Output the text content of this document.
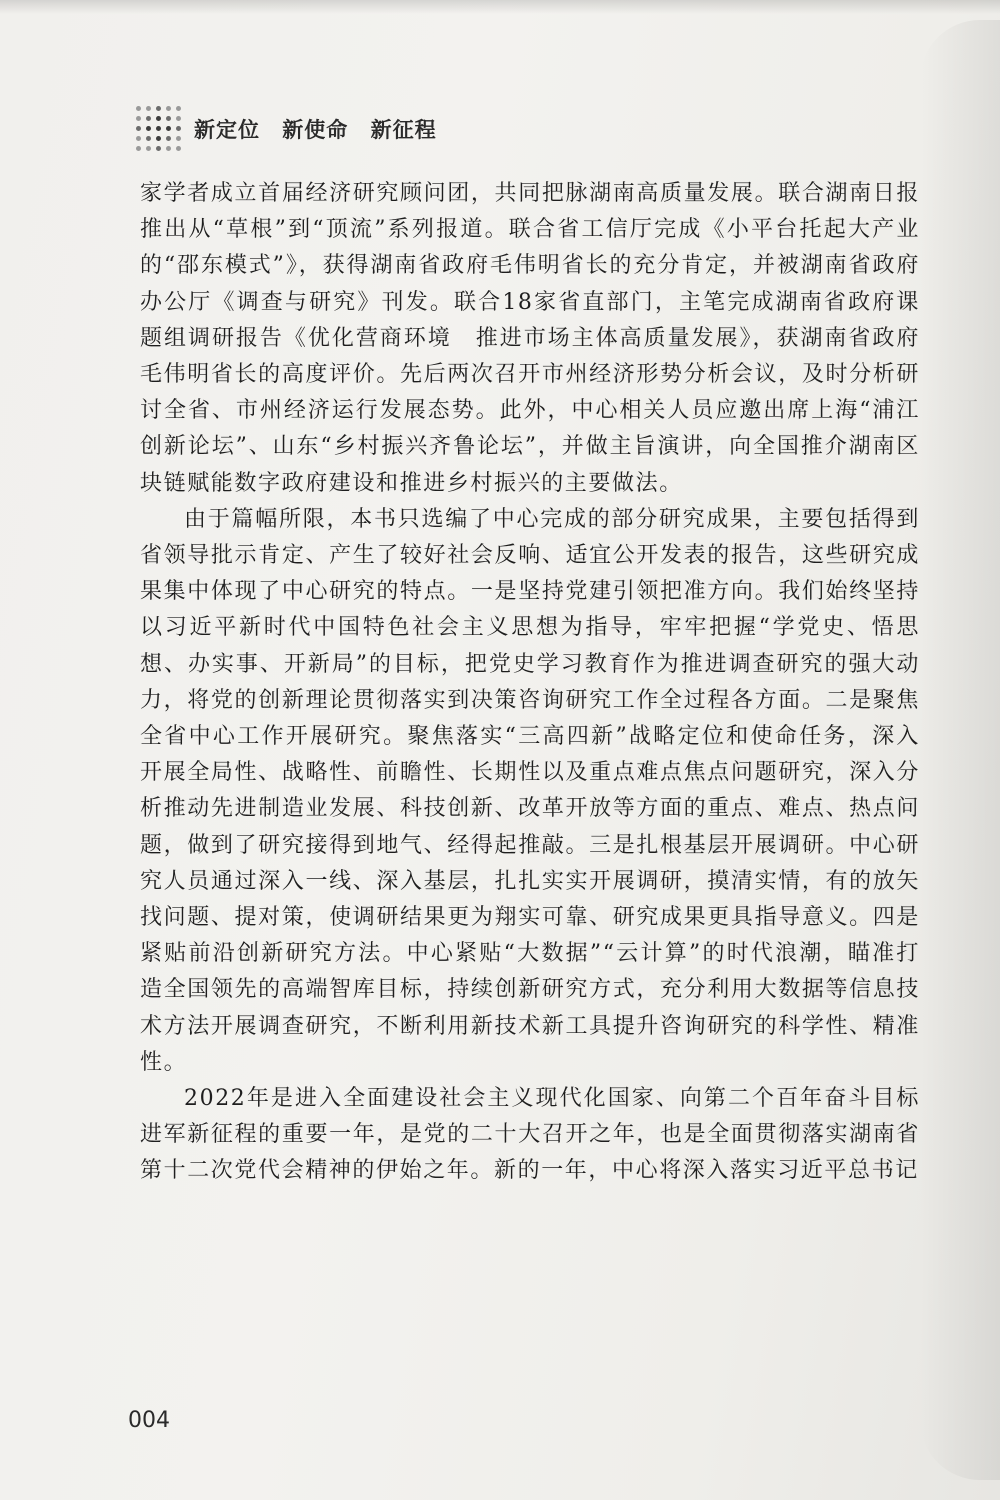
新定位 新使命 新征程

家学者成立首届经济研究顾问团，共同把脉湖南高质量发展。联合湖南日报推出从“草根”到“顶流”系列报道。联合省工信厅完成《小平台托起大产业的“邵东模式”》，获得湖南省政府毛伟明省长的充分肯定，并被湖南省政府办公厅《调查与研究》刊发。联合18家省直部门，主笔完成湖南省政府课题组调研报告《优化营商环境　推进市场主体高质量发展》，获湖南省政府毛伟明省长的高度评价。先后两次召开市州经济形势分析会议，及时分析研讨全省、市州经济运行发展态势。此外，中心相关人员应邀出席上海“浦江创新论坛”、山东“乡村振兴齐鲁论坛”，并做主旨演讲，向全国推介湖南区块链赋能数字政府建设和推进乡村振兴的主要做法。

由于篇幅所限，本书只选编了中心完成的部分研究成果，主要包括得到省领导批示肯定、产生了较好社会反响、适宜公开发表的报告，这些研究成果集中体现了中心研究的特点。一是坚持党建引领把准方向。我们始终坚持以习近平新时代中国特色社会主义思想为指导，牢牢把握“学党史、悟思想、办实事、开新局”的目标，把党史学习教育作为推进调查研究的强大动力，将党的创新理论贯彻落实到决策咨询研究工作全过程各方面。二是聚焦全省中心工作开展研究。聚焦落实“三高四新”战略定位和使命任务，深入开展全局性、战略性、前瞻性、长期性以及重点难点焦点问题研究，深入分析推动先进制造业发展、科技创新、改革开放等方面的重点、难点、热点问题，做到了研究接得到地气、经得起推敲。三是扎根基层开展调研。中心研究人员通过深入一线、深入基层，扎扎实实开展调研，摸清实情，有的放矢找问题、提对策，使调研结果更为翔实可靠、研究成果更具指导意义。四是紧贴前沿创新研究方法。中心紧贴“大数据”“云计算”的时代浪潮，瞄准打造全国领先的高端智库目标，持续创新研究方式，充分利用大数据等信息技术方法开展调查研究，不断利用新技术新工具提升咨询研究的科学性、精准性。

2022年是进入全面建设社会主义现代化国家、向第二个百年奋斗目标进军新征程的重要一年，是党的二十大召开之年，也是全面贯彻落实湖南省第十二次党代会精神的伊始之年。新的一年，中心将深入落实习近平总书记

004
